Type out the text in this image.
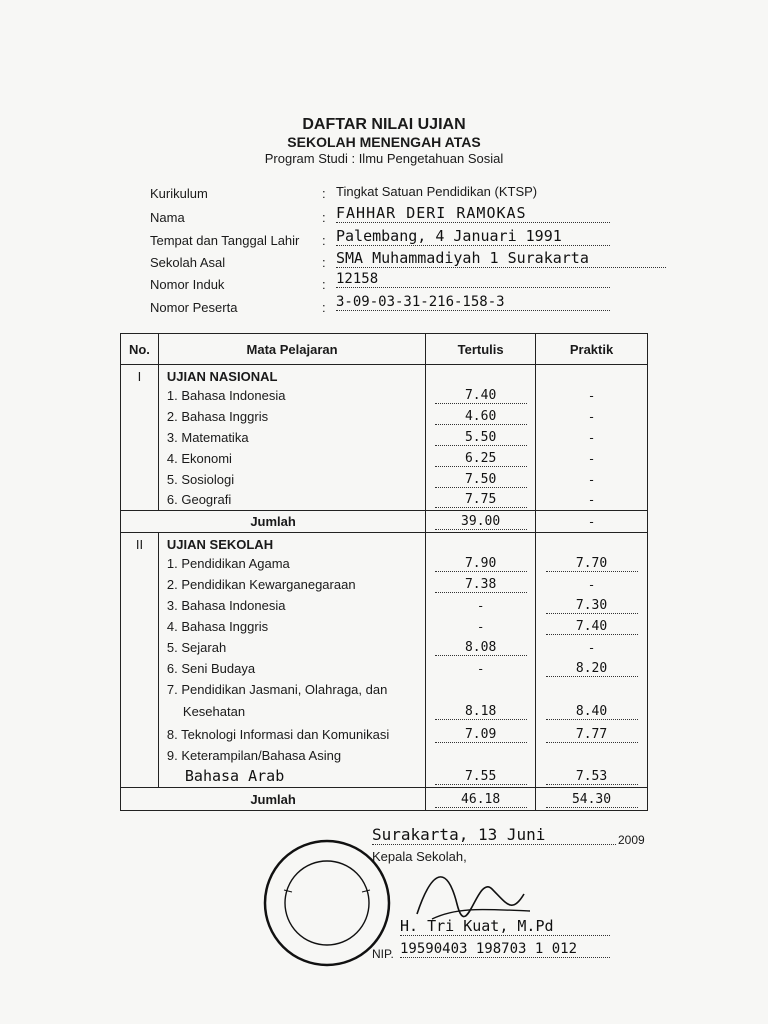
DAFTAR NILAI UJIAN
SEKOLAH MENENGAH ATAS
Program Studi : Ilmu Pengetahuan Sosial
Kurikulum	: Tingkat Satuan Pendidikan (KTSP)
Nama	: FAHHAR DERI RAMOKAS
Tempat dan Tanggal Lahir : Palembang, 4 Januari 1991
Sekolah Asal	: SMA Muhammadiyah 1 Surakarta
Nomor Induk	: 12158
Nomor Peserta	: 3-09-03-31-216-158-3
No.	Mata Pelajaran	Tertulis	Praktik
I	UJIAN NASIONAL		
	1. Bahasa Indonesia	7.40	-
	2. Bahasa Inggris	4.60	-
	3. Matematika	5.50	-
	4. Ekonomi	6.25	-
	5. Sosiologi	7.50	-
	6. Geografi	7.75	-
Jumlah		39.00	-
II	UJIAN SEKOLAH		
	1. Pendidikan Agama	7.90	7.70
	2. Pendidikan Kewarganegaraan	7.38	-
	3. Bahasa Indonesia	-	7.30
	4. Bahasa Inggris	-	7.40
	5. Sejarah	8.08	-
	6. Seni Budaya	-	8.20
	7. Pendidikan Jasmani, Olahraga, dan		
	Kesehatan	8.18	8.40
	8. Teknologi Informasi dan Komunikasi	7.09	7.77
	9. Keterampilan/Bahasa Asing		
	Bahasa Arab	7.55	7.53
Jumlah		46.18	54.30
Surakarta, 13 Juni	2009
Kepala Sekolah,
H. Tri Kuat, M.Pd
NIP. 19590403 198703 1 012
